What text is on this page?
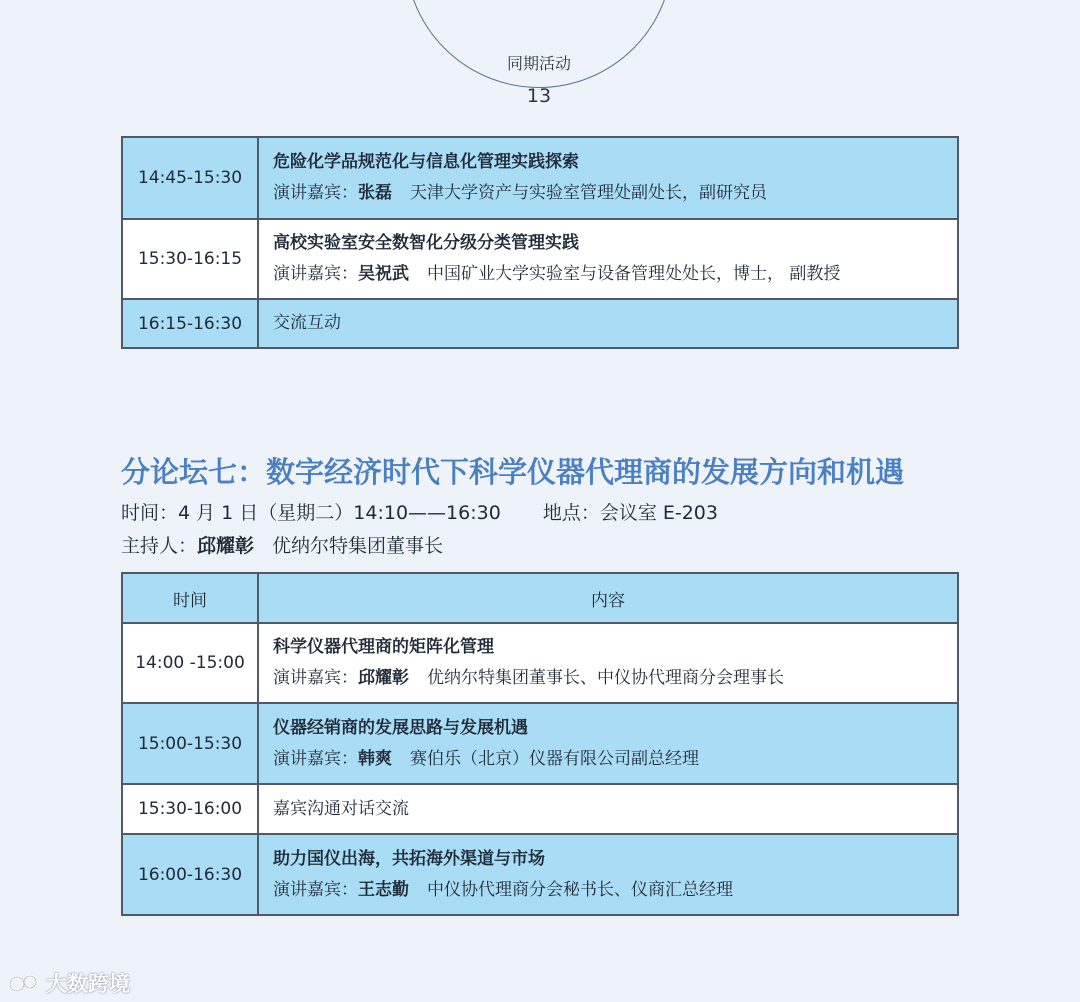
同期活动
13
14:45-15:30	危险化学品规范化与信息化管理实践探索
演讲嘉宾：张磊 天津大学资产与实验室管理处副处长，副研究员

15:30-16:15	高校实验室安全数智化分级分类管理实践
演讲嘉宾：吴祝武 中国矿业大学实验室与设备管理处处长，博士， 副教授

16:15-16:30	交流互动
分论坛七：数字经济时代下科学仪器代理商的发展方向和机遇
时间：4 月 1 日（星期二）14:10——16:30 地点：会议室 E-203
主持人：邱耀彰 优纳尔特集团董事长
时间	内容
14:00 -15:00	科学仪器代理商的矩阵化管理
演讲嘉宾：邱耀彰 优纳尔特集团董事长、中仪协代理商分会理事长

15:00-15:30	仪器经销商的发展思路与发展机遇
演讲嘉宾：韩爽 赛伯乐（北京）仪器有限公司副总经理

15:30-16:00	嘉宾沟通对话交流
16:00-16:30	助力国仪出海，共拓海外渠道与市场
演讲嘉宾：王志勤 中仪协代理商分会秘书长、仪商汇总经理
大数跨境
